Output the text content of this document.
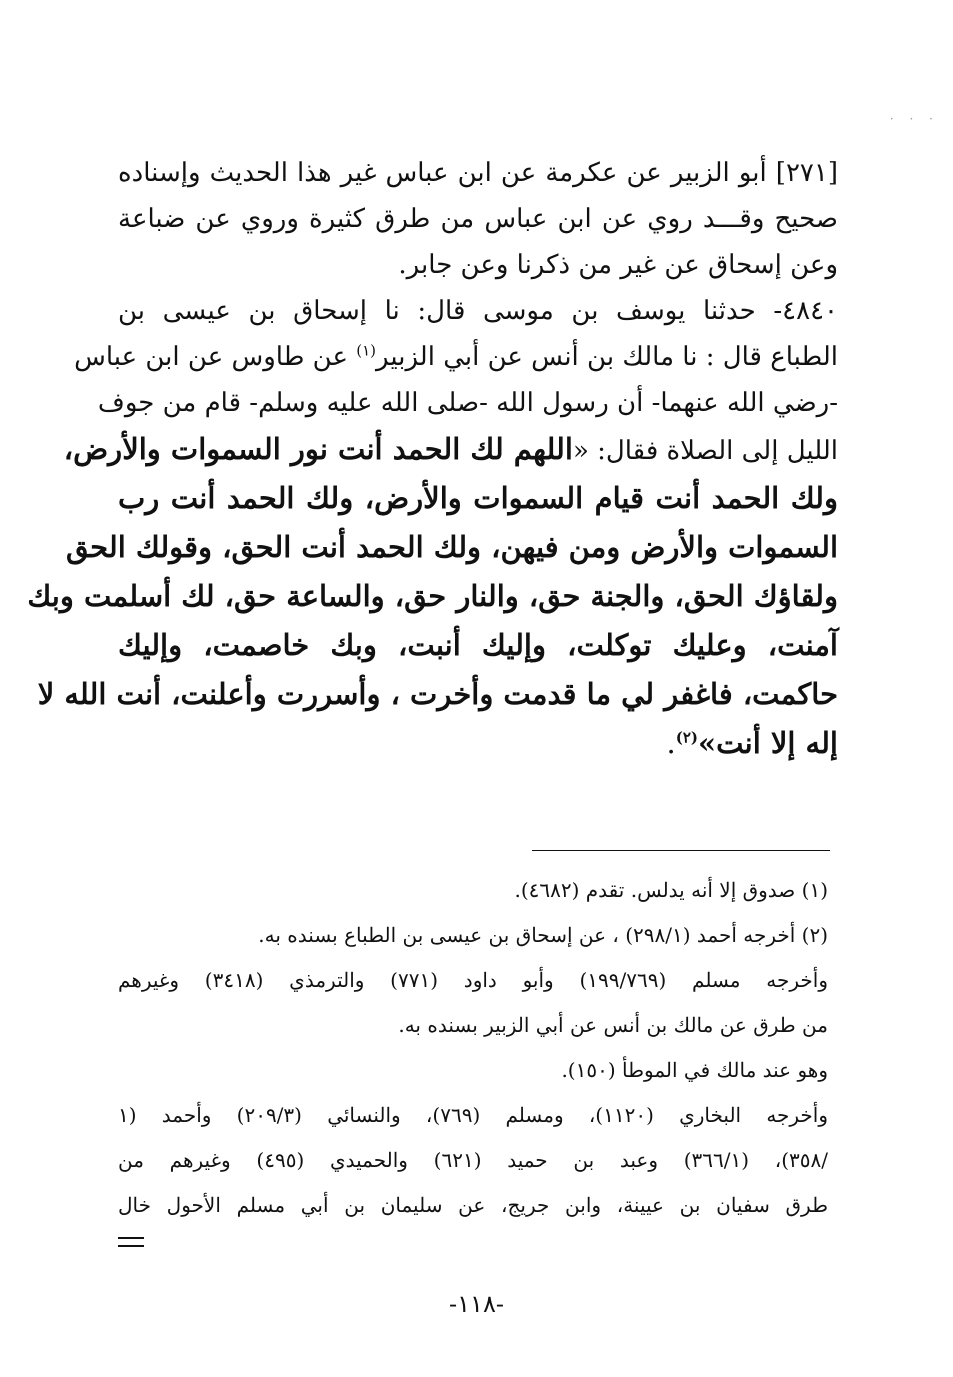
· · ·
[٢٧١] أبو الزبير عن عكرمة عن ابن عباس غير هذا الحديث وإسناده
صحيح وقـــد روي عن ابن عباس من طرق كثيرة وروي عن ضباعة
وعن إسحاق عن غير من ذكرنا وعن جابر.
٤٨٤٠- حدثنا يوسف بن موسى قال: نا إسحاق بن عيسى بن
الطباع قال : نا مالك بن أنس عن أبي الزبير$^{(١)}$ عن طاوس عن ابن عباس
-رضي الله عنهما- أن رسول الله -صلى الله عليه وسلم- قام من جوف
الليل إلى الصلاة فقال: «اللهم لك الحمد أنت نور السموات والأرض،
ولك الحمد أنت قيام السموات والأرض، ولك الحمد أنت رب
السموات والأرض ومن فيهن، ولك الحمد أنت الحق، وقولك الحق
ولقاؤك الحق، والجنة حق، والنار حق، والساعة حق، لك أسلمت وبك
آمنت، وعليك توكلت، وإليك أنبت، وبك خاصمت، وإليك
حاكمت، فاغفر لي ما قدمت وأخرت ، وأسررت وأعلنت، أنت الله لا
إله إلا أنت»$^{(٢)}$.
(١) صدوق إلا أنه يدلس. تقدم (٤٦٨٢).
(٢) أخرجه أحمد (٢٩٨/١) ، عن إسحاق بن عيسى بن الطباع بسنده به.
وأخرجه مسلم (١٩٩/٧٦٩) وأبو داود (٧٧١) والترمذي (٣٤١٨) وغيرهم
من طرق عن مالك بن أنس عن أبي الزبير بسنده به.
وهو عند مالك في الموطأ (١٥٠).
وأخرجه البخاري (١١٢٠)، ومسلم (٧٦٩)، والنسائي (٢٠٩/٣) وأحمد (١
/٣٥٨)، (٣٦٦/١) وعبد بن حميد (٦٢١) والحميدي (٤٩٥) وغيرهم من
طرق سفيان بن عيينة، وابن جريج، عن سليمان بن أبي مسلم الأحول خال
-١١٨-
